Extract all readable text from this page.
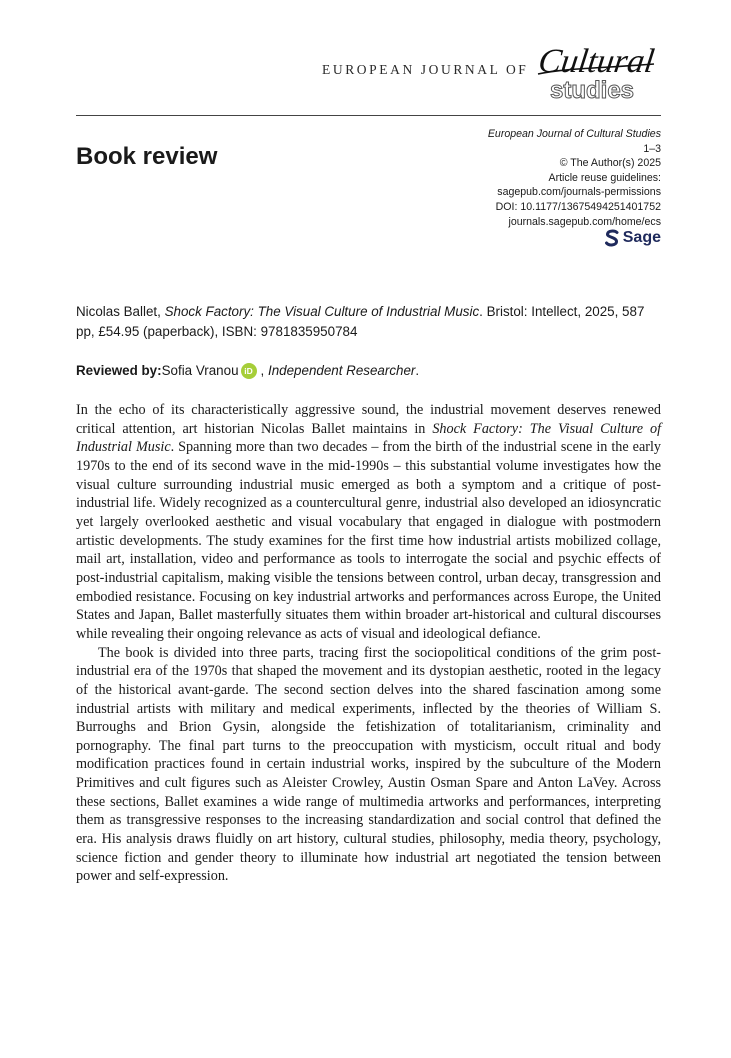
EUROPEAN JOURNAL OF Cultural
studies
Book review
European Journal of Cultural Studies
1–3
© The Author(s) 2025
Article reuse guidelines:
sagepub.com/journals-permissions
DOI: 10.1177/13675494251401752
journals.sagepub.com/home/ecs
Sage
Nicolas Ballet, Shock Factory: The Visual Culture of Industrial Music. Bristol: Intellect, 2025, 587 pp, £54.95 (paperback), ISBN: 9781835950784
Reviewed by: Sofia Vranou iD , Independent Researcher .

In the echo of its characteristically aggressive sound, the industrial movement deserves renewed critical attention, art historian Nicolas Ballet maintains in Shock Factory: The Visual Culture of Industrial Music. Spanning more than two decades – from the birth of the industrial scene in the early 1970s to the end of its second wave in the mid-1990s – this substantial volume investigates how the visual culture surrounding industrial music emerged as both a symptom and a critique of post-industrial life. Widely recognized as a countercultural genre, industrial also developed an idiosyncratic yet largely overlooked aesthetic and visual vocabulary that engaged in dialogue with postmodern artistic developments. The study examines for the first time how industrial artists mobilized collage, mail art, installation, video and performance as tools to interrogate the social and psychic effects of post-industrial capitalism, making visible the tensions between control, urban decay, transgression and embodied resistance. Focusing on key industrial artworks and performances across Europe, the United States and Japan, Ballet masterfully situates them within broader art-historical and cultural discourses while revealing their ongoing relevance as acts of visual and ideological defiance.

The book is divided into three parts, tracing first the sociopolitical conditions of the grim post-industrial era of the 1970s that shaped the movement and its dystopian aesthetic, rooted in the legacy of the historical avant-garde. The second section delves into the shared fascination among some industrial artists with military and medical experiments, inflected by the theories of William S. Burroughs and Brion Gysin, alongside the fetishization of totalitarianism, criminality and pornography. The final part turns to the preoccupation with mysticism, occult ritual and body modification practices found in certain industrial works, inspired by the subculture of the Modern Primitives and cult figures such as Aleister Crowley, Austin Osman Spare and Anton LaVey. Across these sections, Ballet examines a wide range of multimedia artworks and performances, interpreting them as transgressive responses to the increasing standardization and social control that defined the era. His analysis draws fluidly on art history, cultural studies, philosophy, media theory, psychology, science fiction and gender theory to illuminate how industrial art negotiated the tension between power and self-expression.
